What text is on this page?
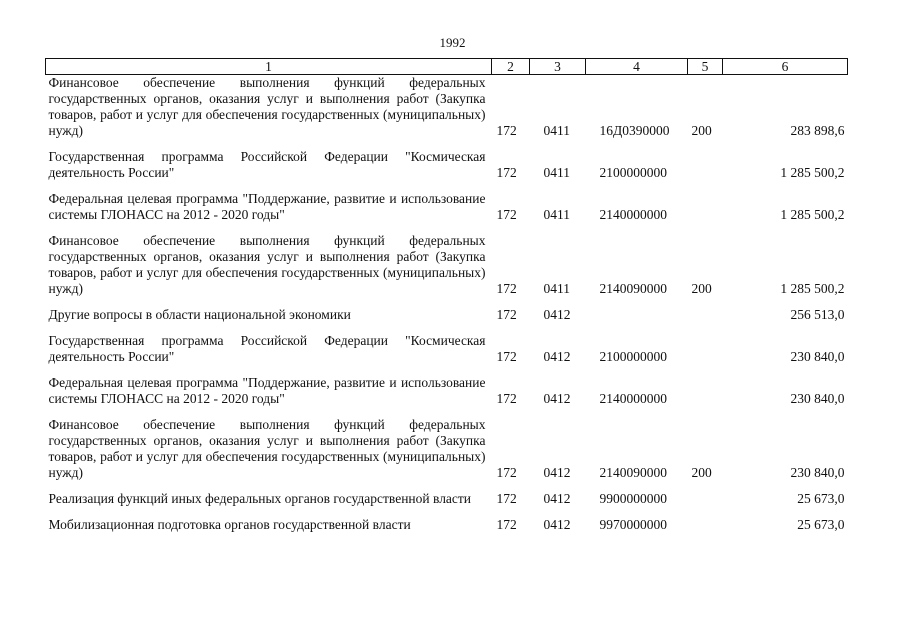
1992
1	2	3	4	5	6
Финансовое обеспечение выполнения функций федеральных государственных органов, оказания услуг и выполнения работ (Закупка товаров, работ и услуг для обеспечения государственных (муниципальных) нужд)	172	0411	16Д0390000	200	283 898,6
Государственная программа Российской Федерации "Космическая деятельность России"	172	0411	2100000000		1 285 500,2
Федеральная целевая программа "Поддержание, развитие и использование системы ГЛОНАСС на 2012 - 2020 годы"	172	0411	2140000000		1 285 500,2
Финансовое обеспечение выполнения функций федеральных государственных органов, оказания услуг и выполнения работ (Закупка товаров, работ и услуг для обеспечения государственных (муниципальных) нужд)	172	0411	2140090000	200	1 285 500,2
Другие вопросы в области национальной экономики	172	0412			256 513,0
Государственная программа Российской Федерации "Космическая деятельность России"	172	0412	2100000000		230 840,0
Федеральная целевая программа "Поддержание, развитие и использование системы ГЛОНАСС на 2012 - 2020 годы"	172	0412	2140000000		230 840,0
Финансовое обеспечение выполнения функций федеральных государственных органов, оказания услуг и выполнения работ (Закупка товаров, работ и услуг для обеспечения государственных (муниципальных) нужд)	172	0412	2140090000	200	230 840,0
Реализация функций иных федеральных органов государственной власти	172	0412	9900000000		25 673,0
Мобилизационная подготовка органов государственной власти	172	0412	9970000000		25 673,0
